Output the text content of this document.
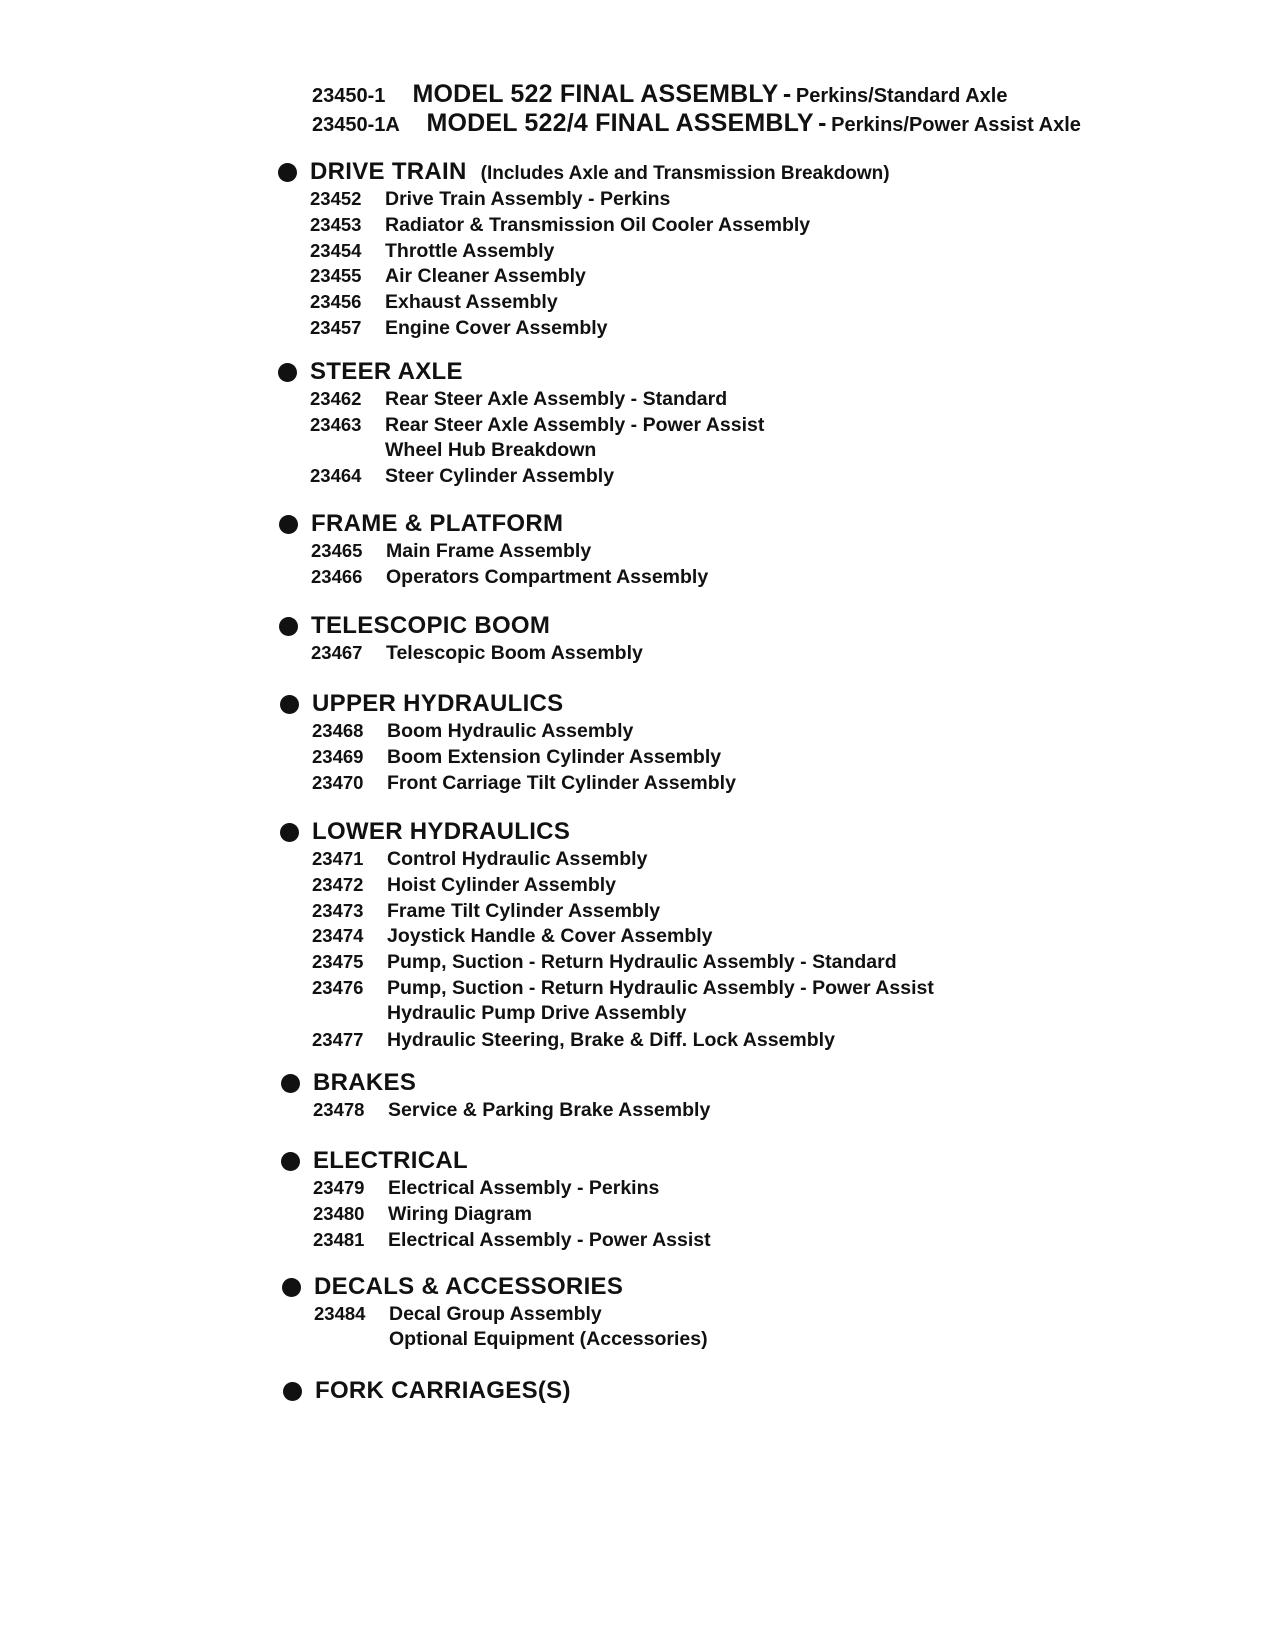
23450-1 MODEL 522 FINAL ASSEMBLY - Perkins/Standard Axle
23450-1A MODEL 522/4 FINAL ASSEMBLY - Perkins/Power Assist Axle
DRIVE TRAIN (Includes Axle and Transmission Breakdown)
23452 Drive Train Assembly - Perkins
23453 Radiator & Transmission Oil Cooler Assembly
23454 Throttle Assembly
23455 Air Cleaner Assembly
23456 Exhaust Assembly
23457 Engine Cover Assembly
STEER AXLE
23462 Rear Steer Axle Assembly - Standard
23463 Rear Steer Axle Assembly - Power Assist
Wheel Hub Breakdown
23464 Steer Cylinder Assembly
FRAME & PLATFORM
23465 Main Frame Assembly
23466 Operators Compartment Assembly
TELESCOPIC BOOM
23467 Telescopic Boom Assembly
UPPER HYDRAULICS
23468 Boom Hydraulic Assembly
23469 Boom Extension Cylinder Assembly
23470 Front Carriage Tilt Cylinder Assembly
LOWER HYDRAULICS
23471 Control Hydraulic Assembly
23472 Hoist Cylinder Assembly
23473 Frame Tilt Cylinder Assembly
23474 Joystick Handle & Cover Assembly
23475 Pump, Suction - Return Hydraulic Assembly - Standard
23476 Pump, Suction - Return Hydraulic Assembly - Power Assist
Hydraulic Pump Drive Assembly
23477 Hydraulic Steering, Brake & Diff. Lock Assembly
BRAKES
23478 Service & Parking Brake Assembly
ELECTRICAL
23479 Electrical Assembly - Perkins
23480 Wiring Diagram
23481 Electrical Assembly - Power Assist
DECALS & ACCESSORIES
23484 Decal Group Assembly
Optional Equipment (Accessories)
FORK CARRIAGES(S)
